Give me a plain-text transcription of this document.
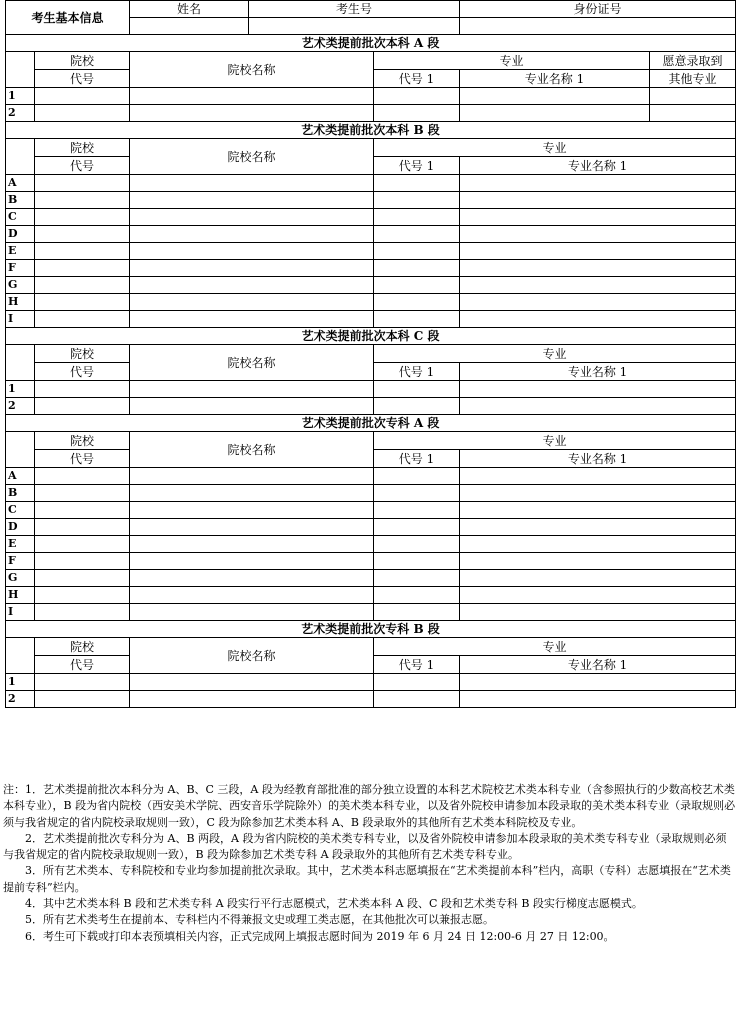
考生基本信息		姓名	考生号		身份证号	

艺术类提前批次本科 A 段						
	院校	院校名称		专业		愿意录取到
	代号			代号 1	专业名称 1	其他专业
1						
2						
艺术类提前批次本科 B 段						
	院校	院校名称		专业		
	代号			代号 1	专业名称 1	
A						
B						
C						
D						
E						
F						
G						
H						
I						
艺术类提前批次本科 C 段						
	院校	院校名称		专业		
	代号			代号 1	专业名称 1	
1						
2						
艺术类提前批次专科 A 段						
	院校	院校名称		专业		
	代号			代号 1	专业名称 1	
A						
B						
C						
D						
E						
F						
G						
H						
I						
艺术类提前批次专科 B 段						
	院校	院校名称		专业		
	代号			代号 1	专业名称 1	
1						
2						

注：1．艺术类提前批次本科分为 A、B、C 三段，A 段为经教育部批准的部分独立设置的本科艺术院校艺术类本科专业（含参照执行的少数高校艺术类本科专业），B 段为省内院校（西安美术学院、西安音乐学院除外）的美术类本科专业，以及省外院校申请参加本段录取的美术类本科专业（录取规则必须与我省规定的省内院校录取规则一致），C 段为除参加艺术类本科 A、B 段录取外的其他所有艺术类本科院校及专业。

2．艺术类提前批次专科分为 A、B 两段，A 段为省内院校的美术类专科专业，以及省外院校申请参加本段录取的美术类专科专业（录取规则必须与我省规定的省内院校录取规则一致），B 段为除参加艺术类专科 A 段录取外的其他所有艺术类专科专业。

3．所有艺术类本、专科院校和专业均参加提前批次录取。其中，艺术类本科志愿填报在“艺术类提前本科”栏内，高职（专科）志愿填报在“艺术类提前专科”栏内。

4．其中艺术类本科 B 段和艺术类专科 A 段实行平行志愿模式，艺术类本科 A 段、C 段和艺术类专科 B 段实行梯度志愿模式。

5．所有艺术类考生在提前本、专科栏内不得兼报文史或理工类志愿，在其他批次可以兼报志愿。

6．考生可下载或打印本表预填相关内容，正式完成网上填报志愿时间为 2019 年 6 月 24 日 12:00-6 月 27 日 12:00。
